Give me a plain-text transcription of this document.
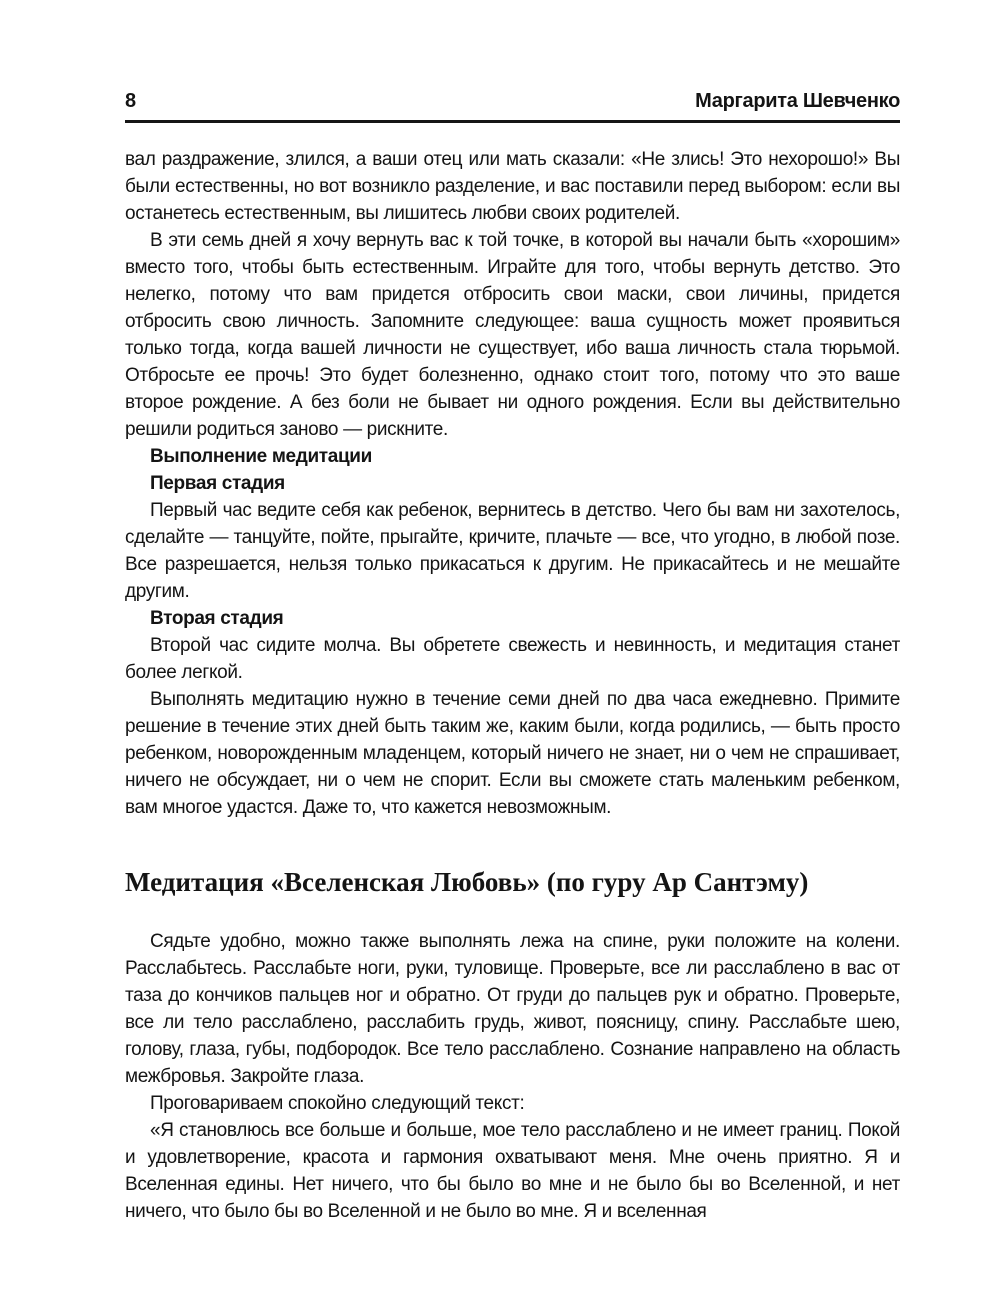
8	Маргарита Шевченко

вал раздражение, злился, а ваши отец или мать сказали: «Не злись! Это нехорошо!» Вы были естественны, но вот возникло разделение, и вас поставили перед выбором: если вы останетесь естественным, вы лишитесь любви своих родителей.

В эти семь дней я хочу вернуть вас к той точке, в которой вы начали быть «хорошим» вместо того, чтобы быть естественным. Играйте для того, чтобы вернуть детство. Это нелегко, потому что вам придется отбросить свои маски, свои личины, придется отбросить свою личность. Запомните следующее: ваша сущность может проявиться только тогда, когда вашей личности не существует, ибо ваша личность стала тюрьмой. Отбросьте ее прочь! Это будет болезненно, однако стоит того, потому что это ваше второе рождение. А без боли не бывает ни одного рождения. Если вы действительно решили родиться заново — рискните.

Выполнение медитации

Первая стадия

Первый час ведите себя как ребенок, вернитесь в детство. Чего бы вам ни захотелось, сделайте — танцуйте, пойте, прыгайте, кричите, плачьте — все, что угодно, в любой позе. Все разрешается, нельзя только прикасаться к другим. Не прикасайтесь и не мешайте другим.

Вторая стадия

Второй час сидите молча. Вы обретете свежесть и невинность, и медитация станет более легкой.

Выполнять медитацию нужно в течение семи дней по два часа ежедневно. Примите решение в течение этих дней быть таким же, каким были, когда родились, — быть просто ребенком, новорожденным младенцем, который ничего не знает, ни о чем не спрашивает, ничего не обсуждает, ни о чем не спорит. Если вы сможете стать маленьким ребенком, вам многое удастся. Даже то, что кажется невозможным.

Медитация «Вселенская Любовь» (по гуру Ар Сантэму)

Сядьте удобно, можно также выполнять лежа на спине, руки положите на колени. Расслабьтесь. Расслабьте ноги, руки, туловище. Проверьте, все ли расслаблено в вас от таза до кончиков пальцев ног и обратно. От груди до пальцев рук и обратно. Проверьте, все ли тело расслаблено, расслабить грудь, живот, поясницу, спину. Расслабьте шею, голову, глаза, губы, подбородок. Все тело расслаблено. Сознание направлено на область межбровья. Закройте глаза.

Проговариваем спокойно следующий текст:

«Я становлюсь все больше и больше, мое тело расслаблено и не имеет границ. Покой и удовлетворение, красота и гармония охватывают меня. Мне очень приятно. Я и Вселенная едины. Нет ничего, что бы было во мне и не было бы во Вселенной, и нет ничего, что было бы во Вселенной и не было во мне. Я и вселенная
